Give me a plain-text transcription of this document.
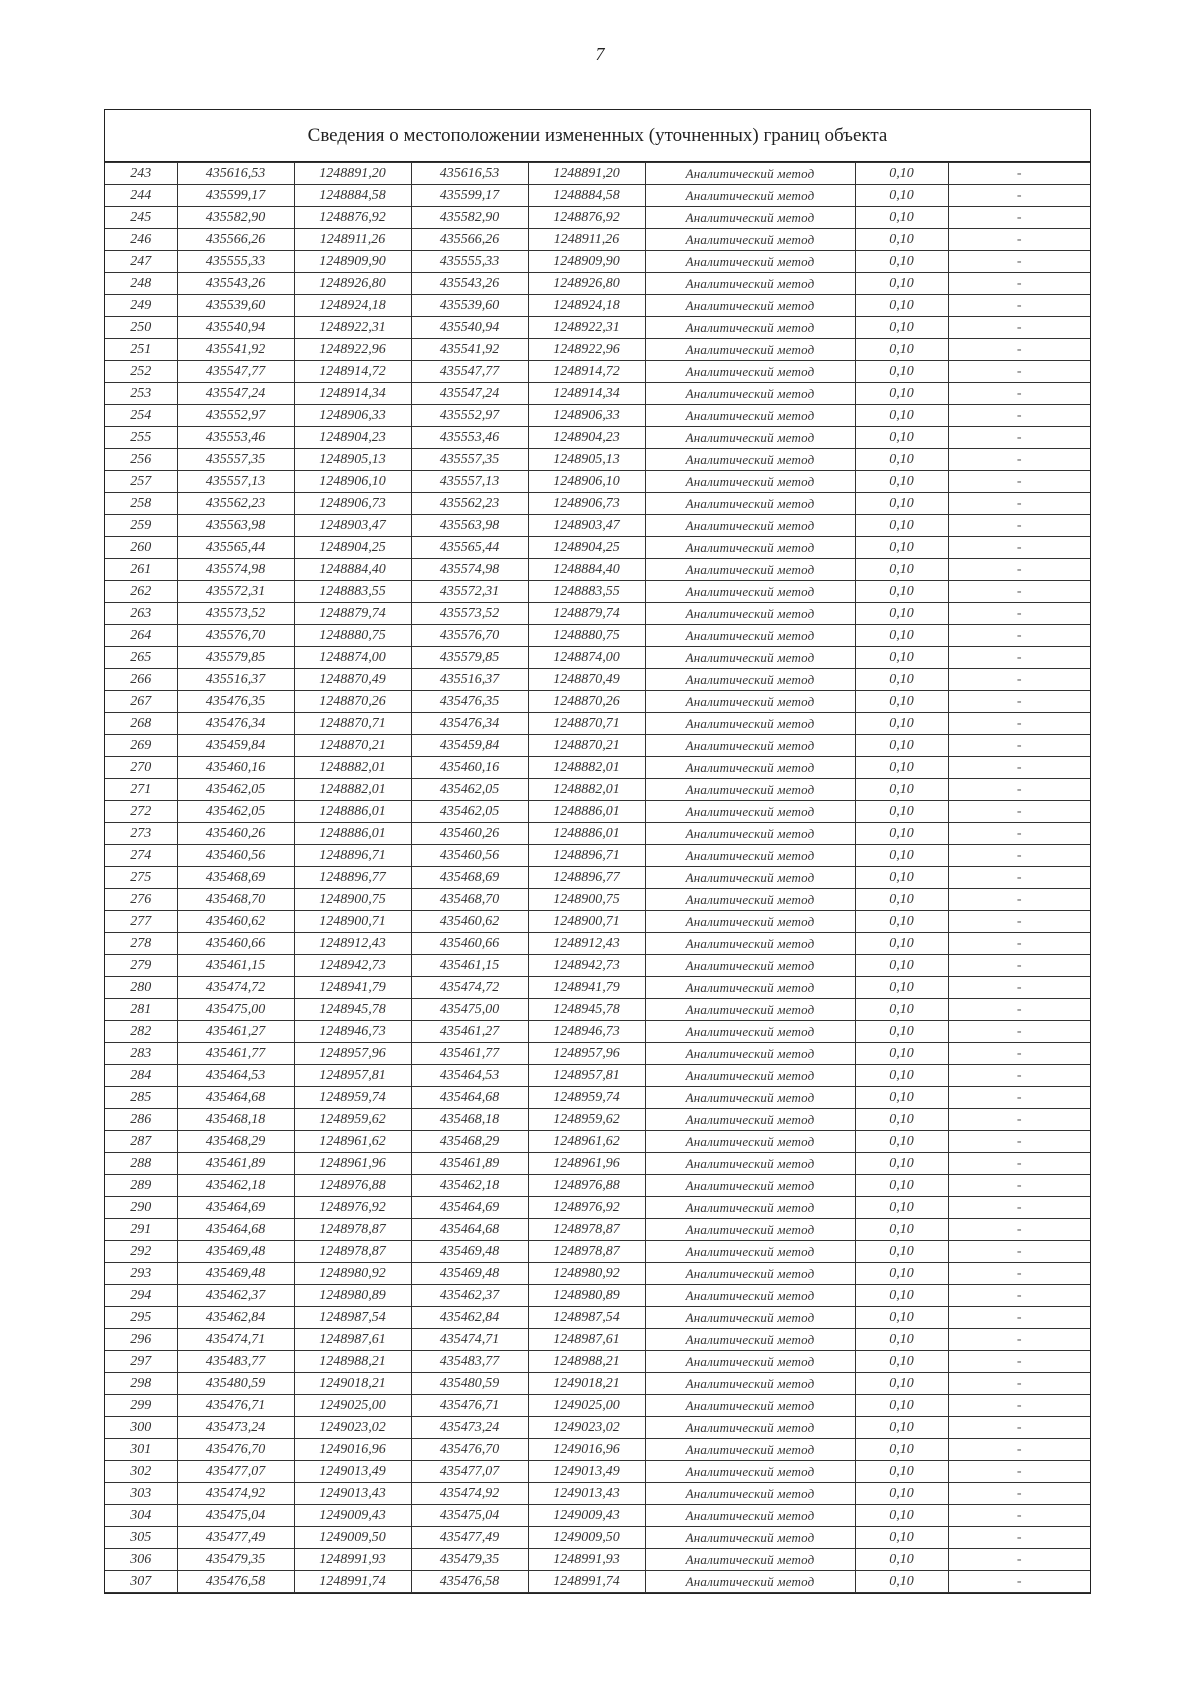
7
Сведения о местоположении измененных (уточненных) границ объекта
243	435616,53	1248891,20	435616,53	1248891,20	Аналитический метод	0,10	-
244	435599,17	1248884,58	435599,17	1248884,58	Аналитический метод	0,10	-
245	435582,90	1248876,92	435582,90	1248876,92	Аналитический метод	0,10	-
246	435566,26	1248911,26	435566,26	1248911,26	Аналитический метод	0,10	-
247	435555,33	1248909,90	435555,33	1248909,90	Аналитический метод	0,10	-
248	435543,26	1248926,80	435543,26	1248926,80	Аналитический метод	0,10	-
249	435539,60	1248924,18	435539,60	1248924,18	Аналитический метод	0,10	-
250	435540,94	1248922,31	435540,94	1248922,31	Аналитический метод	0,10	-
251	435541,92	1248922,96	435541,92	1248922,96	Аналитический метод	0,10	-
252	435547,77	1248914,72	435547,77	1248914,72	Аналитический метод	0,10	-
253	435547,24	1248914,34	435547,24	1248914,34	Аналитический метод	0,10	-
254	435552,97	1248906,33	435552,97	1248906,33	Аналитический метод	0,10	-
255	435553,46	1248904,23	435553,46	1248904,23	Аналитический метод	0,10	-
256	435557,35	1248905,13	435557,35	1248905,13	Аналитический метод	0,10	-
257	435557,13	1248906,10	435557,13	1248906,10	Аналитический метод	0,10	-
258	435562,23	1248906,73	435562,23	1248906,73	Аналитический метод	0,10	-
259	435563,98	1248903,47	435563,98	1248903,47	Аналитический метод	0,10	-
260	435565,44	1248904,25	435565,44	1248904,25	Аналитический метод	0,10	-
261	435574,98	1248884,40	435574,98	1248884,40	Аналитический метод	0,10	-
262	435572,31	1248883,55	435572,31	1248883,55	Аналитический метод	0,10	-
263	435573,52	1248879,74	435573,52	1248879,74	Аналитический метод	0,10	-
264	435576,70	1248880,75	435576,70	1248880,75	Аналитический метод	0,10	-
265	435579,85	1248874,00	435579,85	1248874,00	Аналитический метод	0,10	-
266	435516,37	1248870,49	435516,37	1248870,49	Аналитический метод	0,10	-
267	435476,35	1248870,26	435476,35	1248870,26	Аналитический метод	0,10	-
268	435476,34	1248870,71	435476,34	1248870,71	Аналитический метод	0,10	-
269	435459,84	1248870,21	435459,84	1248870,21	Аналитический метод	0,10	-
270	435460,16	1248882,01	435460,16	1248882,01	Аналитический метод	0,10	-
271	435462,05	1248882,01	435462,05	1248882,01	Аналитический метод	0,10	-
272	435462,05	1248886,01	435462,05	1248886,01	Аналитический метод	0,10	-
273	435460,26	1248886,01	435460,26	1248886,01	Аналитический метод	0,10	-
274	435460,56	1248896,71	435460,56	1248896,71	Аналитический метод	0,10	-
275	435468,69	1248896,77	435468,69	1248896,77	Аналитический метод	0,10	-
276	435468,70	1248900,75	435468,70	1248900,75	Аналитический метод	0,10	-
277	435460,62	1248900,71	435460,62	1248900,71	Аналитический метод	0,10	-
278	435460,66	1248912,43	435460,66	1248912,43	Аналитический метод	0,10	-
279	435461,15	1248942,73	435461,15	1248942,73	Аналитический метод	0,10	-
280	435474,72	1248941,79	435474,72	1248941,79	Аналитический метод	0,10	-
281	435475,00	1248945,78	435475,00	1248945,78	Аналитический метод	0,10	-
282	435461,27	1248946,73	435461,27	1248946,73	Аналитический метод	0,10	-
283	435461,77	1248957,96	435461,77	1248957,96	Аналитический метод	0,10	-
284	435464,53	1248957,81	435464,53	1248957,81	Аналитический метод	0,10	-
285	435464,68	1248959,74	435464,68	1248959,74	Аналитический метод	0,10	-
286	435468,18	1248959,62	435468,18	1248959,62	Аналитический метод	0,10	-
287	435468,29	1248961,62	435468,29	1248961,62	Аналитический метод	0,10	-
288	435461,89	1248961,96	435461,89	1248961,96	Аналитический метод	0,10	-
289	435462,18	1248976,88	435462,18	1248976,88	Аналитический метод	0,10	-
290	435464,69	1248976,92	435464,69	1248976,92	Аналитический метод	0,10	-
291	435464,68	1248978,87	435464,68	1248978,87	Аналитический метод	0,10	-
292	435469,48	1248978,87	435469,48	1248978,87	Аналитический метод	0,10	-
293	435469,48	1248980,92	435469,48	1248980,92	Аналитический метод	0,10	-
294	435462,37	1248980,89	435462,37	1248980,89	Аналитический метод	0,10	-
295	435462,84	1248987,54	435462,84	1248987,54	Аналитический метод	0,10	-
296	435474,71	1248987,61	435474,71	1248987,61	Аналитический метод	0,10	-
297	435483,77	1248988,21	435483,77	1248988,21	Аналитический метод	0,10	-
298	435480,59	1249018,21	435480,59	1249018,21	Аналитический метод	0,10	-
299	435476,71	1249025,00	435476,71	1249025,00	Аналитический метод	0,10	-
300	435473,24	1249023,02	435473,24	1249023,02	Аналитический метод	0,10	-
301	435476,70	1249016,96	435476,70	1249016,96	Аналитический метод	0,10	-
302	435477,07	1249013,49	435477,07	1249013,49	Аналитический метод	0,10	-
303	435474,92	1249013,43	435474,92	1249013,43	Аналитический метод	0,10	-
304	435475,04	1249009,43	435475,04	1249009,43	Аналитический метод	0,10	-
305	435477,49	1249009,50	435477,49	1249009,50	Аналитический метод	0,10	-
306	435479,35	1248991,93	435479,35	1248991,93	Аналитический метод	0,10	-
307	435476,58	1248991,74	435476,58	1248991,74	Аналитический метод	0,10	-
